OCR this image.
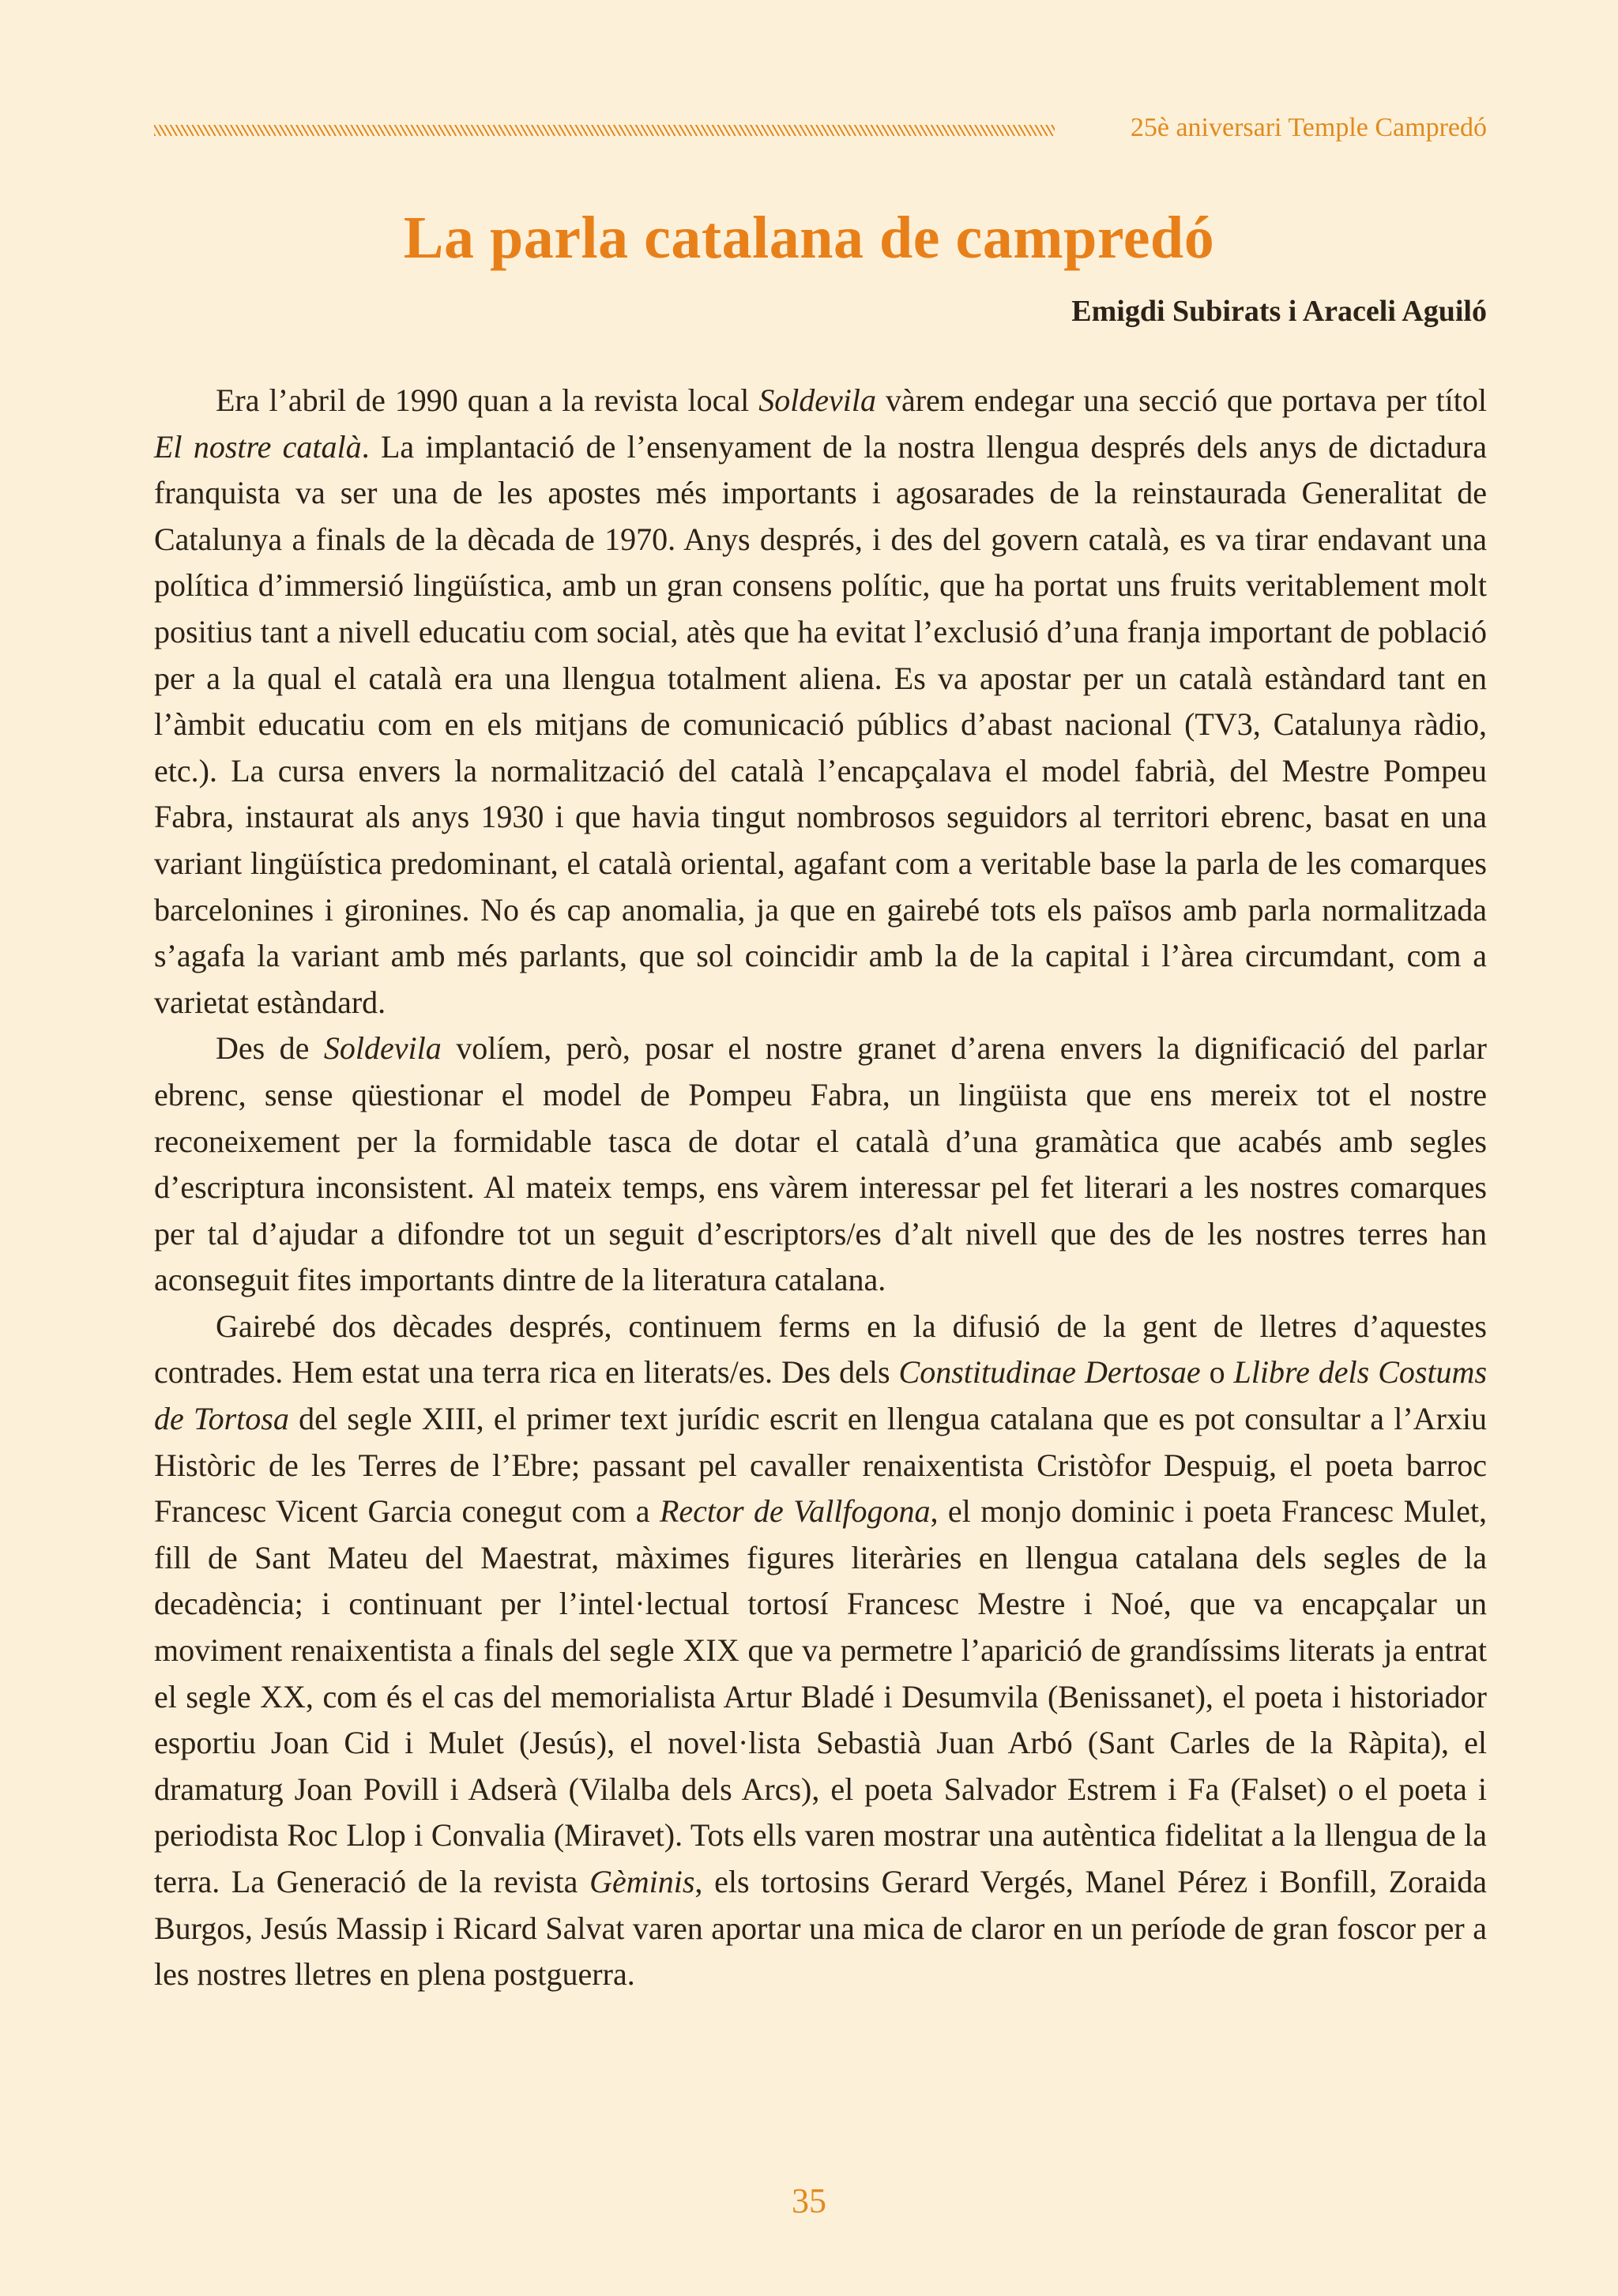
25è aniversari Temple Campredó
La parla catalana de campredó
Emigdi Subirats i Araceli Aguiló

Era l’abril de 1990 quan a la revista local Soldevila vàrem endegar una secció que portava per títol El nostre català. La implantació de l’ensenyament de la nostra llengua després dels anys de dictadura franquista va ser una de les apostes més importants i agosarades de la reinstaurada Generalitat de Catalunya a finals de la dècada de 1970. Anys després, i des del govern català, es va tirar endavant una política d’immersió lingüística, amb un gran consens polític, que ha portat uns fruits veritablement molt positius tant a nivell educatiu com social, atès que ha evitat l’exclusió d’una franja important de població per a la qual el català era una llengua totalment aliena. Es va apostar per un català estàndard tant en l’àmbit educatiu com en els mitjans de comunicació públics d’abast nacional (TV3, Catalunya ràdio, etc.). La cursa envers la normalització del català l’encapçalava el model fabrià, del Mestre Pompeu Fabra, instaurat als anys 1930 i que havia tingut nombrosos seguidors al territori ebrenc, basat en una variant lingüística predominant, el català oriental, agafant com a veritable base la parla de les comarques barcelonines i gironines. No és cap anomalia, ja que en gairebé tots els països amb parla normalitzada s’agafa la variant amb més parlants, que sol coincidir amb la de la capital i l’àrea circumdant, com a varietat estàndard.

Des de Soldevila volíem, però, posar el nostre granet d’arena envers la dignificació del parlar ebrenc, sense qüestionar el model de Pompeu Fabra, un lingüista que ens mereix tot el nostre reconeixement per la formidable tasca de dotar el català d’una gramàtica que acabés amb segles d’escriptura inconsistent. Al mateix temps, ens vàrem interessar pel fet literari a les nostres comarques per tal d’ajudar a difondre tot un seguit d’escriptors/es d’alt nivell que des de les nostres terres han aconseguit fites importants dintre de la literatura catalana.

Gairebé dos dècades després, continuem ferms en la difusió de la gent de lletres d’aquestes contrades. Hem estat una terra rica en literats/es. Des dels Constitudinae Dertosae o Llibre dels Costums de Tortosa del segle XIII, el primer text jurídic escrit en llengua catalana que es pot consultar a l’Arxiu Històric de les Terres de l’Ebre; passant pel cavaller renaixentista Cristòfor Despuig, el poeta barroc Francesc Vicent Garcia conegut com a Rector de Vallfogona, el monjo dominic i poeta Francesc Mulet, fill de Sant Mateu del Maestrat, màximes figures literàries en llengua catalana dels segles de la decadència; i continuant per l’intel·lectual tortosí Francesc Mestre i Noé, que va encapçalar un moviment renaixentista a finals del segle XIX que va permetre l’aparició de grandíssims literats ja entrat el segle XX, com és el cas del memorialista Artur Bladé i Desumvila (Benissanet), el poeta i historiador esportiu Joan Cid i Mulet (Jesús), el novel·lista Sebastià Juan Arbó (Sant Carles de la Ràpita), el dramaturg Joan Povill i Adserà (Vilalba dels Arcs), el poeta Salvador Estrem i Fa (Falset) o el poeta i periodista Roc Llop i Convalia (Miravet). Tots ells varen mostrar una autèntica fidelitat a la llengua de la terra. La Generació de la revista Gèminis, els tortosins Gerard Vergés, Manel Pérez i Bonfill, Zoraida Burgos, Jesús Massip i Ricard Salvat varen aportar una mica de claror en un període de gran foscor per a les nostres lletres en plena postguerra.

35
